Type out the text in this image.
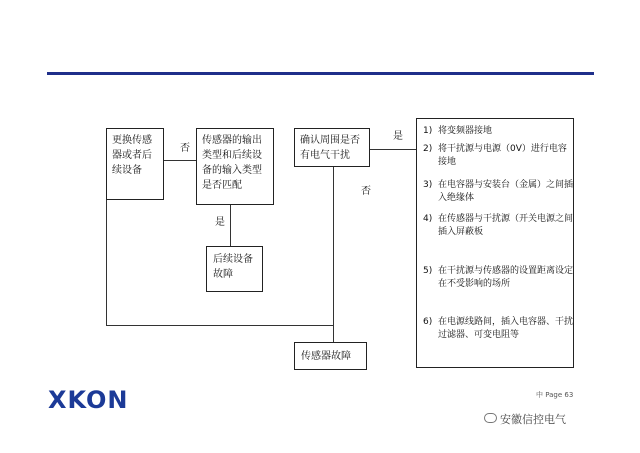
更换传感器或者后续设备
传感器的输出类型和后续设备的输入类型是否匹配
后续设备故障
确认周围是否有电气干扰
传感器故障
否
是
是
否
1) 将变频器接地
2) 将干扰源与电源（0V）进行电容接地
3) 在电容器与安装台（金属）之间插入绝缘体
4) 在传感器与干扰源（开关电源之间插入屏蔽板
5) 在干扰源与传感器的设置距离设定在不受影响的场所
6) 在电源线路间，插入电容器、干扰过滤器、可变电阻等
XKON	中 Page 63
安徽信控电气
